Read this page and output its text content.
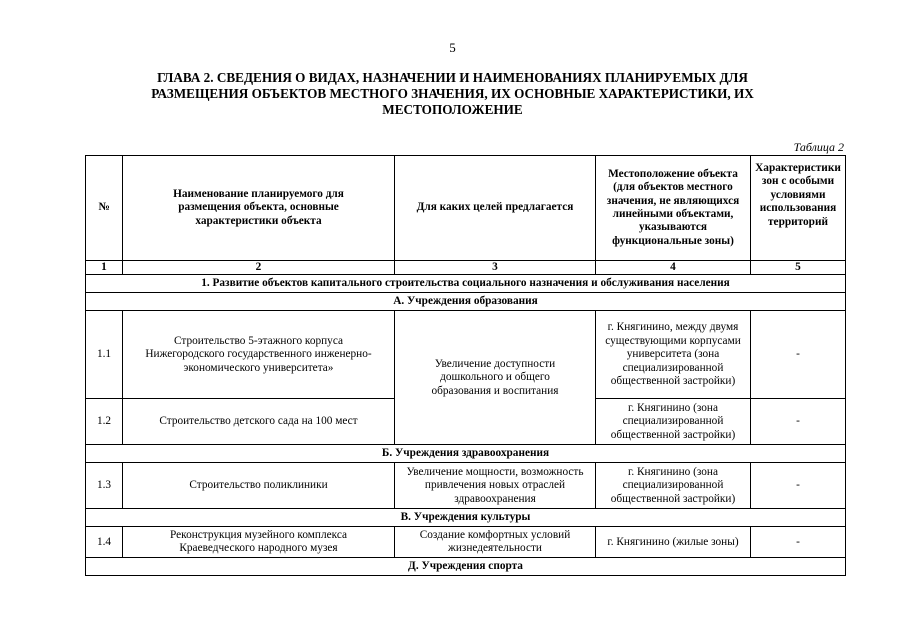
5
ГЛАВА 2. СВЕДЕНИЯ О ВИДАХ, НАЗНАЧЕНИИ И НАИМЕНОВАНИЯХ ПЛАНИРУЕМЫХ ДЛЯ РАЗМЕЩЕНИЯ ОБЪЕКТОВ МЕСТНОГО ЗНАЧЕНИЯ, ИХ ОСНОВНЫЕ ХАРАКТЕРИСТИКИ, ИХ МЕСТОПОЛОЖЕНИЕ
Таблица 2
№	Наименование планируемого для размещения объекта, основные характеристики объекта	Для каких целей предлагается	Местоположение объекта (для объектов местного значения, не являющихся линейными объектами, указываются функциональные зоны)	Характеристики зон с особыми условиями использования территорий
1	2	3	4	5
1. Развитие объектов капитального строительства социального назначения и обслуживания населения				
А. Учреждения образования				
1.1	Строительство 5-этажного корпуса Нижегородского государственного инженерно-экономического университета»	Увеличение доступности дошкольного и общего образования и воспитания	г. Княгинино, между двумя существующими корпусами университета (зона специализированной общественной застройки)	-
1.2	Строительство детского сада на 100 мест		г. Княгинино (зона специализированной общественной застройки)	-
Б. Учреждения здравоохранения				
1.3	Строительство поликлиники	Увеличение мощности, возможность привлечения новых отраслей здравоохранения	г. Княгинино (зона специализированной общественной застройки)	-
В. Учреждения культуры				
1.4	Реконструкция музейного комплекса Краеведческого народного музея	Создание комфортных условий жизнедеятельности	г. Княгинино (жилые зоны)	-
Д. Учреждения спорта				
